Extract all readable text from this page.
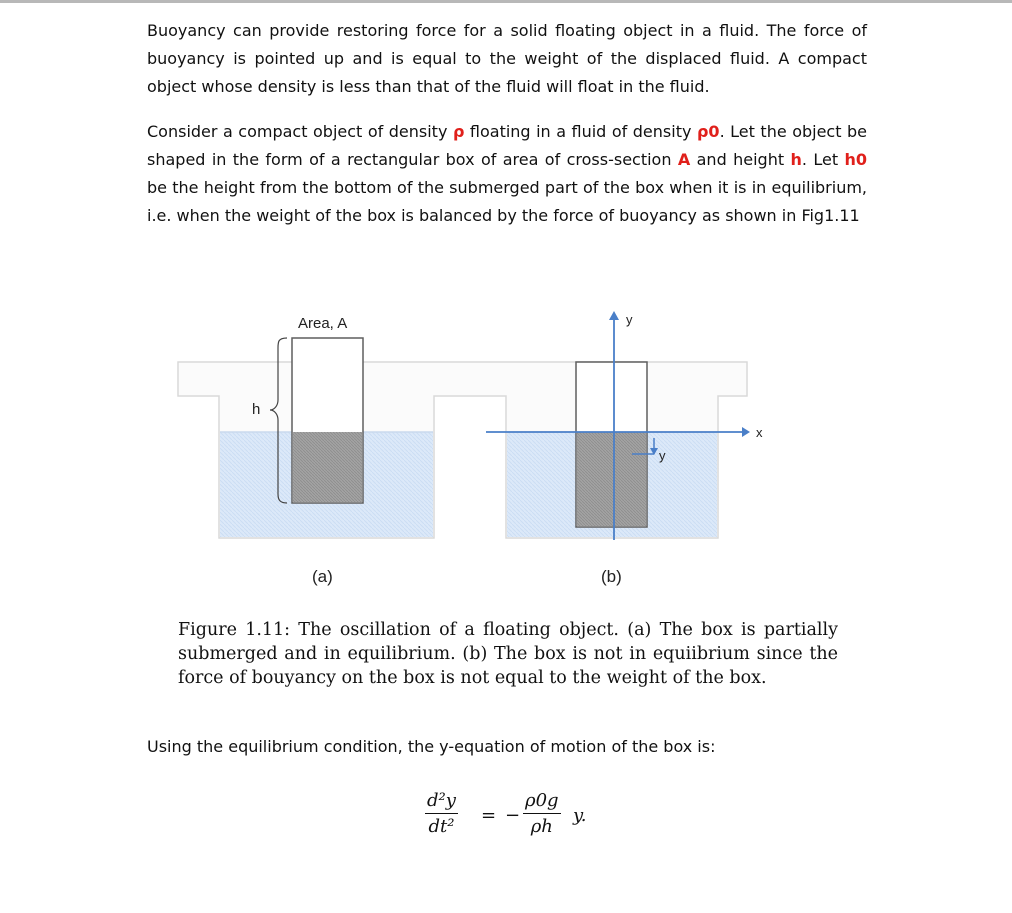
Buoyancy can provide restoring force for a solid floating object in a fluid. The force of buoyancy is pointed up and is equal to the weight of the displaced fluid. A compact object whose density is less than that of the fluid will float in the fluid.

Consider a compact object of density ρ floating in a fluid of density ρ0. Let the object be shaped in the form of a rectangular box of area of cross-section A and height h. Let h0 be the height from the bottom of the submerged part of the box when it is in equilibrium, i.e. when the weight of the box is balanced by the force of buoyancy as shown in Fig1.11

Area, A
h
y
x
y
(a)	(b)

Figure 1.11: The oscillation of a floating object. (a) The box is partially submerged and in equilibrium. (b) The box is not in equiibrium since the force of bouyancy on the box is not equal to the weight of the box.

Using the equilibrium condition, the y-equation of motion of the box is:

d²y
dt²
= −
ρ0g
ρh
y.
